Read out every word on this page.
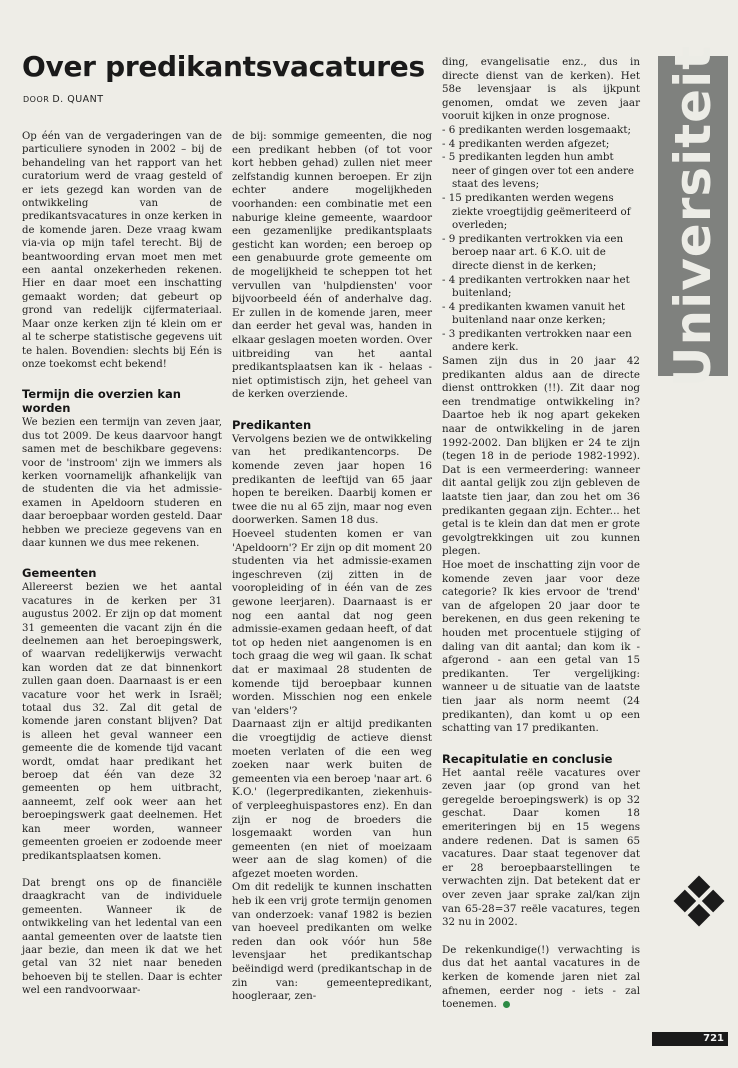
Over predikantsvacatures
DOOR D. QUANT

Op één van de vergaderingen van de particuliere synoden in 2002 – bij de behandeling van het rapport van het curatorium werd de vraag gesteld of er iets gezegd kan worden van de ontwikkeling van de predikantsvacatures in onze kerken in de komende jaren. Deze vraag kwam via-via op mijn tafel terecht. Bij de beantwoording ervan moet men met een aantal onzekerheden rekenen. Hier en daar moet een inschatting gemaakt worden; dat gebeurt op grond van redelijk cijfermateriaal. Maar onze kerken zijn té klein om er al te scherpe statistische gegevens uit te halen. Bovendien: slechts bij Eén is onze toekomst echt bekend!

Termijn die overzien kan worden

We bezien een termijn van zeven jaar, dus tot 2009. De keus daarvoor hangt samen met de beschikbare gegevens: voor de 'instroom' zijn we immers als kerken voornamelijk afhankelijk van de studenten die via het admissie-examen in Apeldoorn studeren en daar beroepbaar worden gesteld. Daar hebben we precieze gegevens van en daar kunnen we dus mee rekenen.

Gemeenten

Allereerst bezien we het aantal vacatures in de kerken per 31 augustus 2002. Er zijn op dat moment 31 gemeenten die vacant zijn én die deelnemen aan het beroepingswerk, of waarvan redelijkerwijs verwacht kan worden dat ze dat binnenkort zullen gaan doen. Daarnaast is er een vacature voor het werk in Israël; totaal dus 32. Zal dit getal de komende jaren constant blijven? Dat is alleen het geval wanneer een gemeente die de komende tijd vacant wordt, omdat haar predikant het beroep dat één van deze 32 gemeenten op hem uitbracht, aanneemt, zelf ook weer aan het beroepingswerk gaat deelnemen. Het kan meer worden, wanneer gemeenten groeien er zodoende meer predikantsplaatsen komen.

Dat brengt ons op de financiële draagkracht van de individuele gemeenten. Wanneer ik de ontwikkeling van het ledental van een aantal gemeenten over de laatste tien jaar bezie, dan meen ik dat we het getal van 32 niet naar beneden behoeven bij te stellen. Daar is echter wel een randvoorwaar-

de bij: sommige gemeenten, die nog een predikant hebben (of tot voor kort hebben gehad) zullen niet meer zelfstandig kunnen beroepen. Er zijn echter andere mogelijkheden voorhanden: een combinatie met een naburige kleine gemeente, waardoor een gezamenlijke predikantsplaats gesticht kan worden; een beroep op een genabuurde grote gemeente om de mogelijkheid te scheppen tot het vervullen van 'hulpdiensten' voor bijvoorbeeld één of anderhalve dag. Er zullen in de komende jaren, meer dan eerder het geval was, handen in elkaar geslagen moeten worden. Over uitbreiding van het aantal predikantsplaatsen kan ik - helaas - niet optimistisch zijn, het geheel van de kerken overziende.

Predikanten

Vervolgens bezien we de ontwikkeling van het predikantencorps. De komende zeven jaar hopen 16 predikanten de leeftijd van 65 jaar hopen te bereiken. Daarbij komen er twee die nu al 65 zijn, maar nog even doorwerken. Samen 18 dus.

Hoeveel studenten komen er van 'Apeldoorn'? Er zijn op dit moment 20 studenten via het admissie-examen ingeschreven (zij zitten in de vooropleiding of in één van de zes gewone leerjaren). Daarnaast is er nog een aantal dat nog geen admissie-examen gedaan heeft, of dat tot op heden niet aangenomen is en toch graag die weg wil gaan. Ik schat dat er maximaal 28 studenten de komende tijd beroepbaar kunnen worden. Misschien nog een enkele van 'elders'?

Daarnaast zijn er altijd predikanten die vroegtijdig de actieve dienst moeten verlaten of die een weg zoeken naar werk buiten de gemeenten via een beroep 'naar art. 6 K.O.' (legerpredikanten, ziekenhuis- of verpleeghuispastores enz). En dan zijn er nog de broeders die losgemaakt worden van hun gemeenten (en niet of moeizaam weer aan de slag komen) of die afgezet moeten worden.

Om dit redelijk te kunnen inschatten heb ik een vrij grote termijn genomen van onderzoek: vanaf 1982 is bezien van hoeveel predikanten om welke reden dan ook vóór hun 58e levensjaar het predikantschap beëindigd werd (predikantschap in de zin van: gemeentepredikant, hoogleraar, zen-

ding, evangelisatie enz., dus in directe dienst van de kerken). Het 58e levensjaar is als ijkpunt genomen, omdat we zeven jaar vooruit kijken in onze prognose.

- 6 predikanten werden losgemaakt;
- 4 predikanten werden afgezet;
- 5 predikanten legden hun ambt neer of gingen over tot een andere staat des levens;
- 15 predikanten werden wegens ziekte vroegtijdig geëmeriteerd of overleden;
- 9 predikanten vertrokken via een beroep naar art. 6 K.O. uit de directe dienst in de kerken;
- 4 predikanten vertrokken naar het buitenland;
- 4 predikanten kwamen vanuit het buitenland naar onze kerken;
- 3 predikanten vertrokken naar een andere kerk.

Samen zijn dus in 20 jaar 42 predikanten aldus aan de directe dienst onttrokken (!!). Zit daar nog een trendmatige ontwikkeling in? Daartoe heb ik nog apart gekeken naar de ontwikkeling in de jaren 1992-2002. Dan blijken er 24 te zijn (tegen 18 in de periode 1982-1992). Dat is een vermeerdering: wanneer dit aantal gelijk zou zijn gebleven de laatste tien jaar, dan zou het om 36 predikanten gegaan zijn. Echter... het getal is te klein dan dat men er grote gevolgtrekkingen uit zou kunnen plegen.

Hoe moet de inschatting zijn voor de komende zeven jaar voor deze categorie? Ik kies ervoor de 'trend' van de afgelopen 20 jaar door te berekenen, en dus geen rekening te houden met procentuele stijging of daling van dit aantal; dan kom ik - afgerond - aan een getal van 15 predikanten. Ter vergelijking: wanneer u de situatie van de laatste tien jaar als norm neemt (24 predikanten), dan komt u op een schatting van 17 predikanten.

Recapitulatie en conclusie

Het aantal reële vacatures over zeven jaar (op grond van het geregelde beroepingswerk) is op 32 geschat. Daar komen 18 emeriteringen bij en 15 wegens andere redenen. Dat is samen 65 vacatures. Daar staat tegenover dat er 28 beroepbaarstellingen te verwachten zijn. Dat betekent dat er over zeven jaar sprake zal/kan zijn van 65-28=37 reële vacatures, tegen 32 nu in 2002.

De rekenkundige(!) verwachting is dus dat het aantal vacatures in de kerken de komende jaren niet zal afnemen, eerder nog - iets - zal toenemen.

Universiteit
721
